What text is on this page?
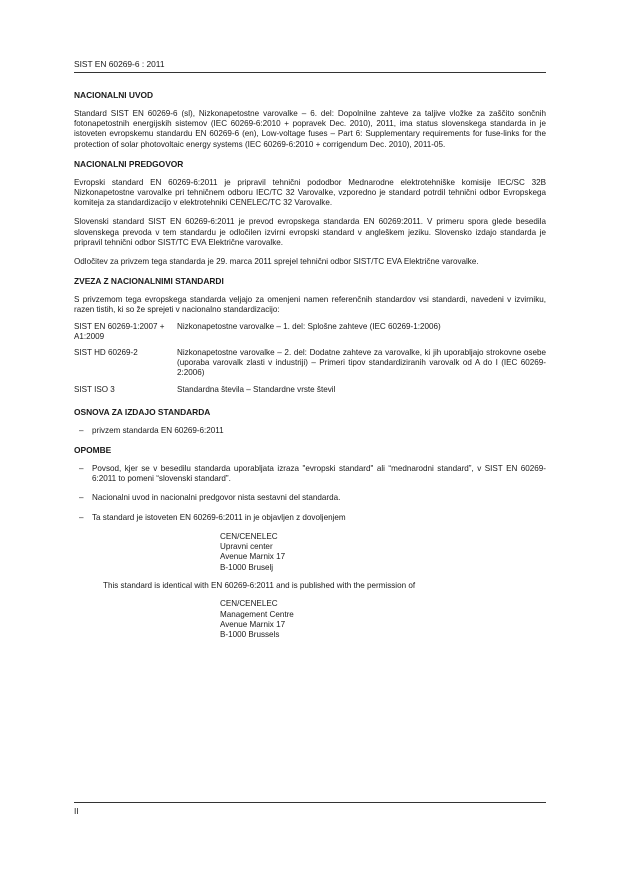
SIST EN 60269-6 : 2011
NACIONALNI UVOD

Standard SIST EN 60269-6 (sl), Nizkonapetostne varovalke – 6. del: Dopolnilne zahteve za taljive vložke za zaščito sončnih fotonapetostnih energijskih sistemov (IEC 60269-6:2010 + popravek Dec. 2010), 2011, ima status slovenskega standarda in je istoveten evropskemu standardu EN 60269-6 (en), Low-voltage fuses – Part 6: Supplementary requirements for fuse-links for the protection of solar photovoltaic energy systems (IEC 60269-6:2010 + corrigendum Dec. 2010), 2011-05.

NACIONALNI PREDGOVOR

Evropski standard EN 60269-6:2011 je pripravil tehnični pododbor Mednarodne elektrotehniške komisije IEC/SC 32B Nizkonapetostne varovalke pri tehničnem odboru IEC/TC 32 Varovalke, vzporedno je standard potrdil tehnični odbor Evropskega komiteja za standardizacijo v elektrotehniki CENELEC/TC 32 Varovalke.

Slovenski standard SIST EN 60269-6:2011 je prevod evropskega standarda EN 60269:2011. V primeru spora glede besedila slovenskega prevoda v tem standardu je odločilen izvirni evropski standard v angleškem jeziku. Slovensko izdajo standarda je pripravil tehnični odbor SIST/TC EVA Električne varovalke.

Odločitev za privzem tega standarda je 29. marca 2011 sprejel tehnični odbor SIST/TC EVA Električne varovalke.

ZVEZA Z NACIONALNIMI STANDARDI

S privzemom tega evropskega standarda veljajo za omenjeni namen referenčnih standardov vsi standardi, navedeni v izvirniku, razen tistih, ki so že sprejeti v nacionalno standardizacijo:

SIST EN 60269-1:2007 + A1:2009	Nizkonapetostne varovalke – 1. del: Splošne zahteve (IEC 60269-1:2006)
SIST HD 60269-2	Nizkonapetostne varovalke – 2. del: Dodatne zahteve za varovalke, ki jih uporabljajo strokovne osebe (uporaba varovalk zlasti v industriji) – Primeri tipov standardiziranih varovalk od A do I (IEC 60269-2:2006)
SIST ISO 3	Standardna števila – Standardne vrste števil
OSNOVA ZA IZDAJO STANDARDA
– privzem standarda EN 60269-6:2011
OPOMBE
– Povsod, kjer se v besedilu standarda uporabljata izraza "evropski standard" ali “mednarodni standard”, v SIST EN 60269-6:2011 to pomeni “slovenski standard”.
– Nacionalni uvod in nacionalni predgovor nista sestavni del standarda.
– Ta standard je istoveten EN 60269-6:2011 in je objavljen z dovoljenjem
CEN/CENELEC
Upravni center
Avenue Marnix 17
B-1000 Bruselj
This standard is identical with EN 60269-6:2011 and is published with the permission of
CEN/CENELEC
Management Centre
Avenue Marnix 17
B-1000 Brussels
II
